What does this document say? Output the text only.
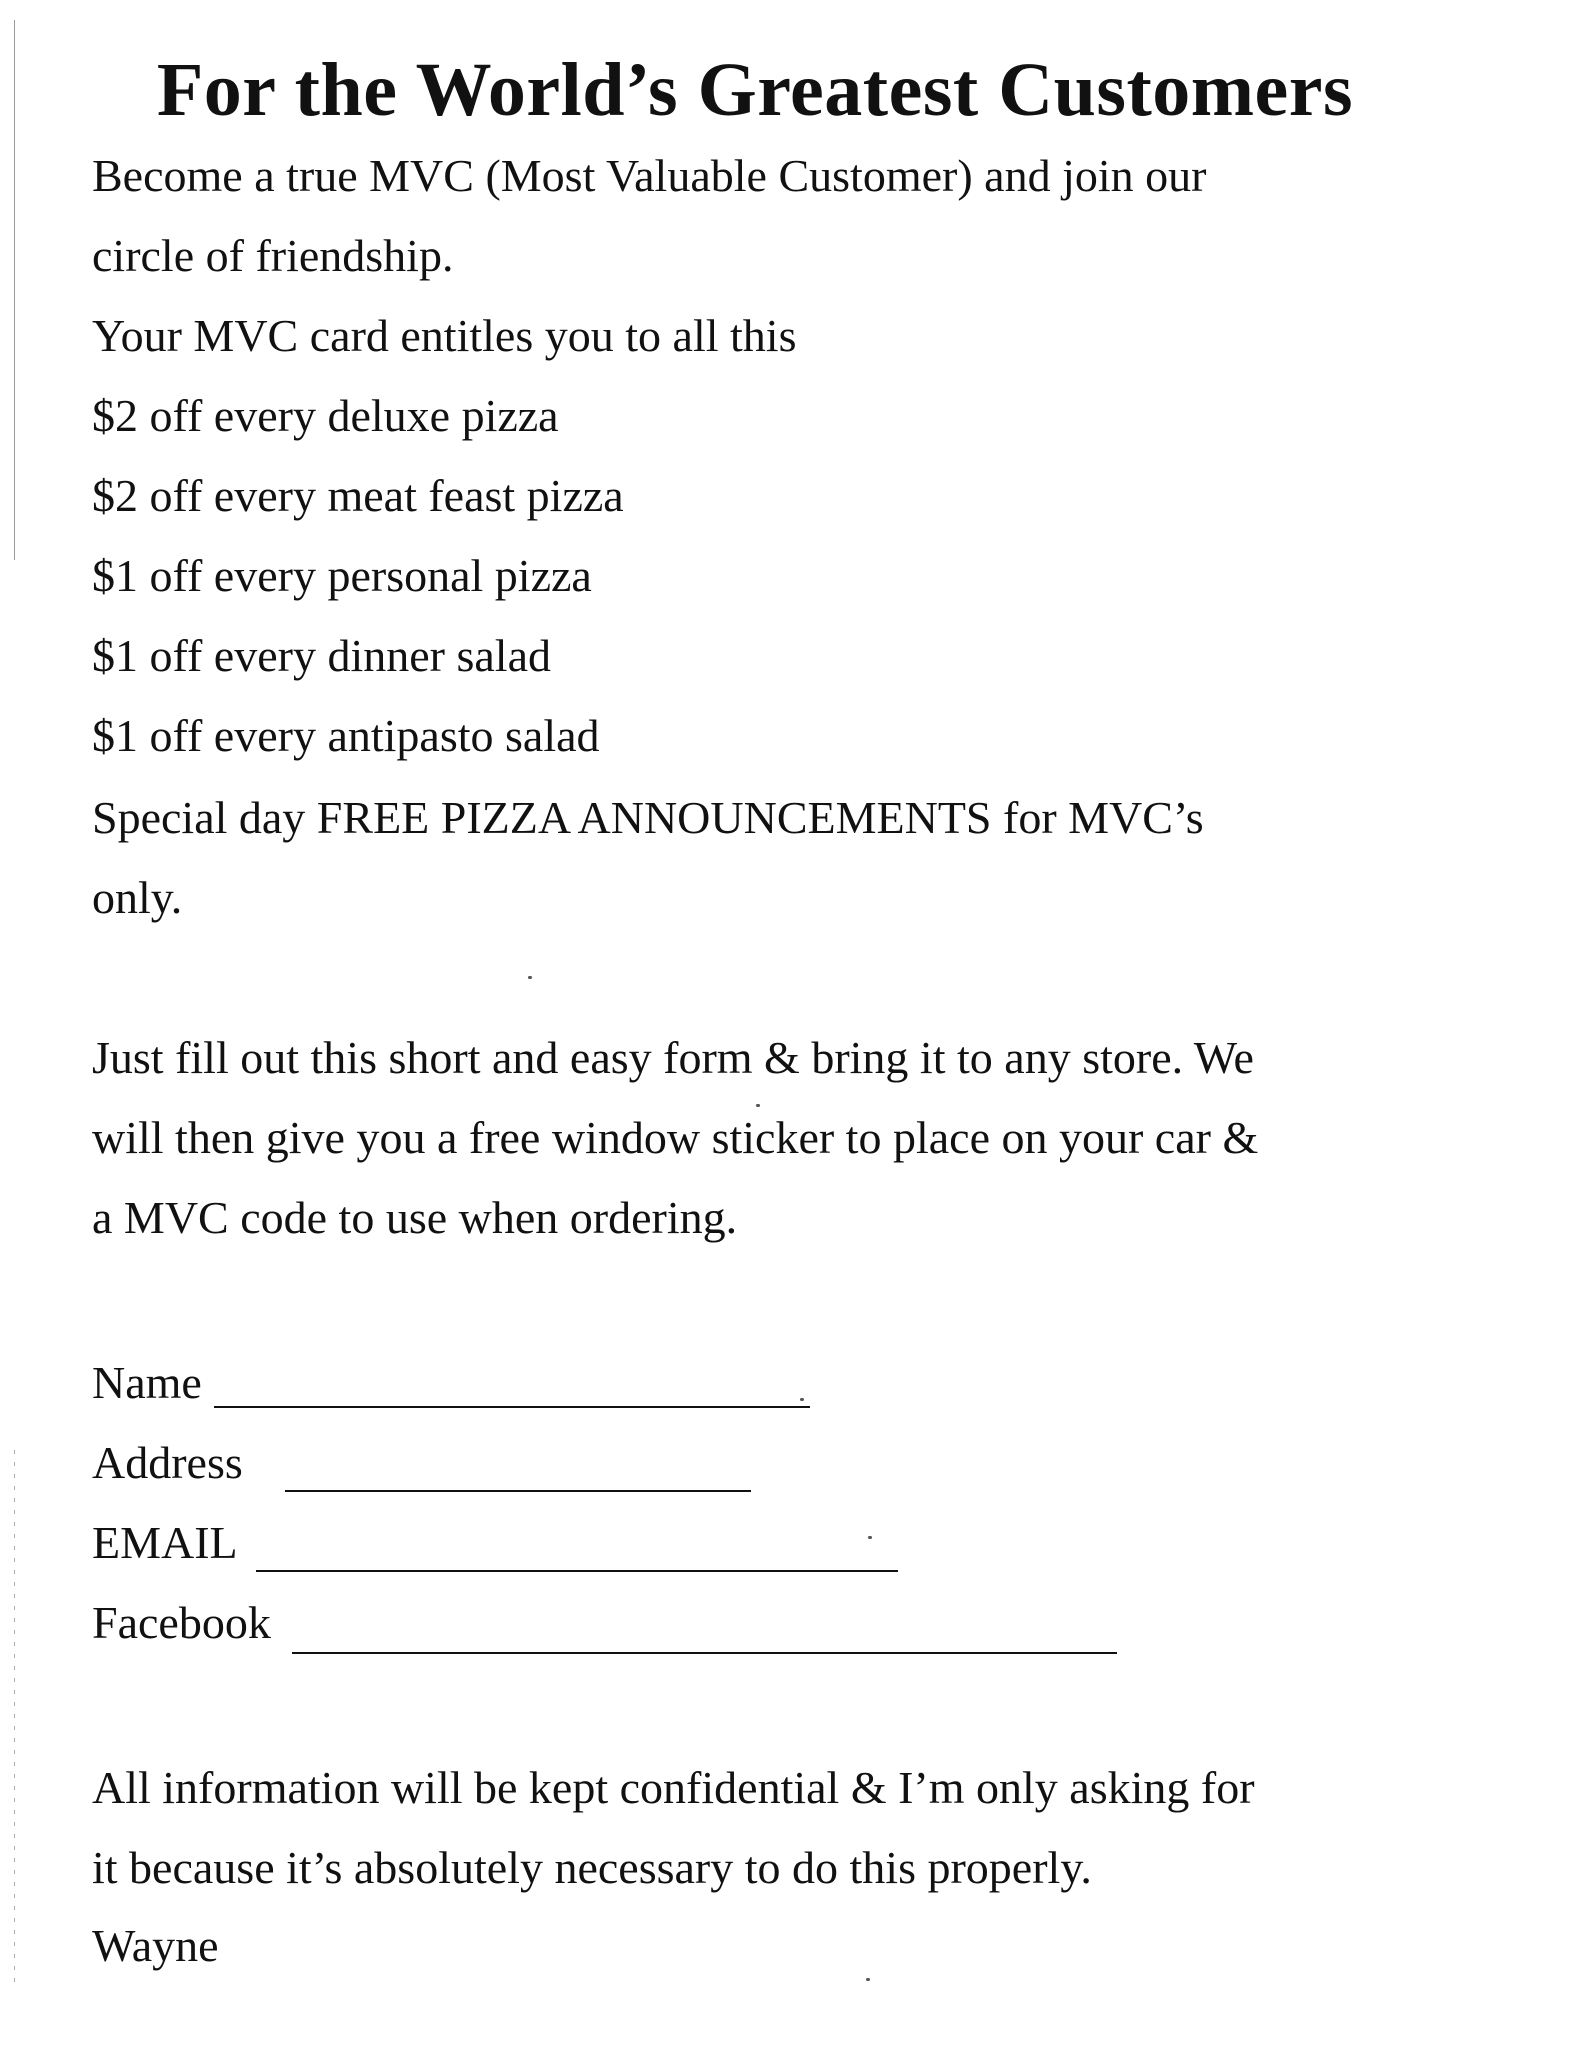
For the World’s Greatest Customers

Become a true MVC (Most Valuable Customer) and join our

circle of friendship.

Your MVC card entitles you to all this

$2 off every deluxe pizza

$2 off every meat feast pizza

$1 off every personal pizza

$1 off every dinner salad

$1 off every antipasto salad

Special day FREE PIZZA ANNOUNCEMENTS for MVC’s

only.

Just fill out this short and easy form & bring it to any store. We

will then give you a free window sticker to place on your car &

a MVC code to use when ordering.

Name
Address
EMAIL
Facebook

All information will be kept confidential & I’m only asking for

it because it’s absolutely necessary to do this properly.

Wayne
